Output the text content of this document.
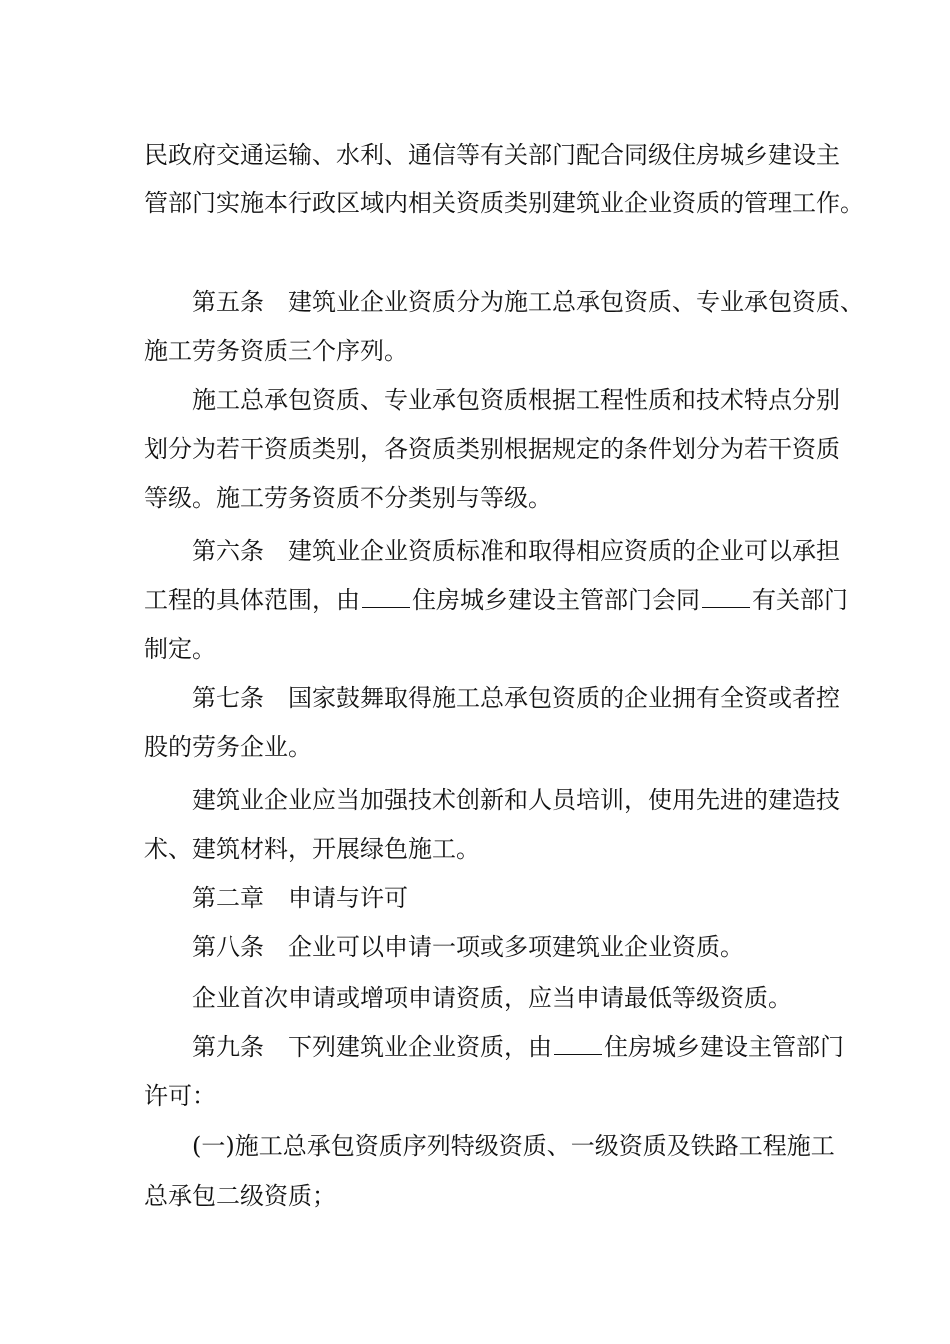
民政府交通运输、水利、通信等有关部门配合同级住房城乡建设主
管部门实施本行政区域内相关资质类别建筑业企业资质的管理工作。
第五条 建筑业企业资质分为施工总承包资质、专业承包资质、
施工劳务资质三个序列。
施工总承包资质、专业承包资质根据工程性质和技术特点分别
划分为若干资质类别，各资质类别根据规定的条件划分为若干资质
等级。施工劳务资质不分类别与等级。
第六条 建筑业企业资质标准和取得相应资质的企业可以承担
工程的具体范围，由 住房城乡建设主管部门会同 有关部门
制定。
第七条 国家鼓舞取得施工总承包资质的企业拥有全资或者控
股的劳务企业。
建筑业企业应当加强技术创新和人员培训，使用先进的建造技
术、建筑材料，开展绿色施工。
第二章 申请与许可
第八条 企业可以申请一项或多项建筑业企业资质。
企业首次申请或增项申请资质，应当申请最低等级资质。
第九条 下列建筑业企业资质，由 住房城乡建设主管部门
许可：
(一)施工总承包资质序列特级资质、一级资质及铁路工程施工
总承包二级资质；
